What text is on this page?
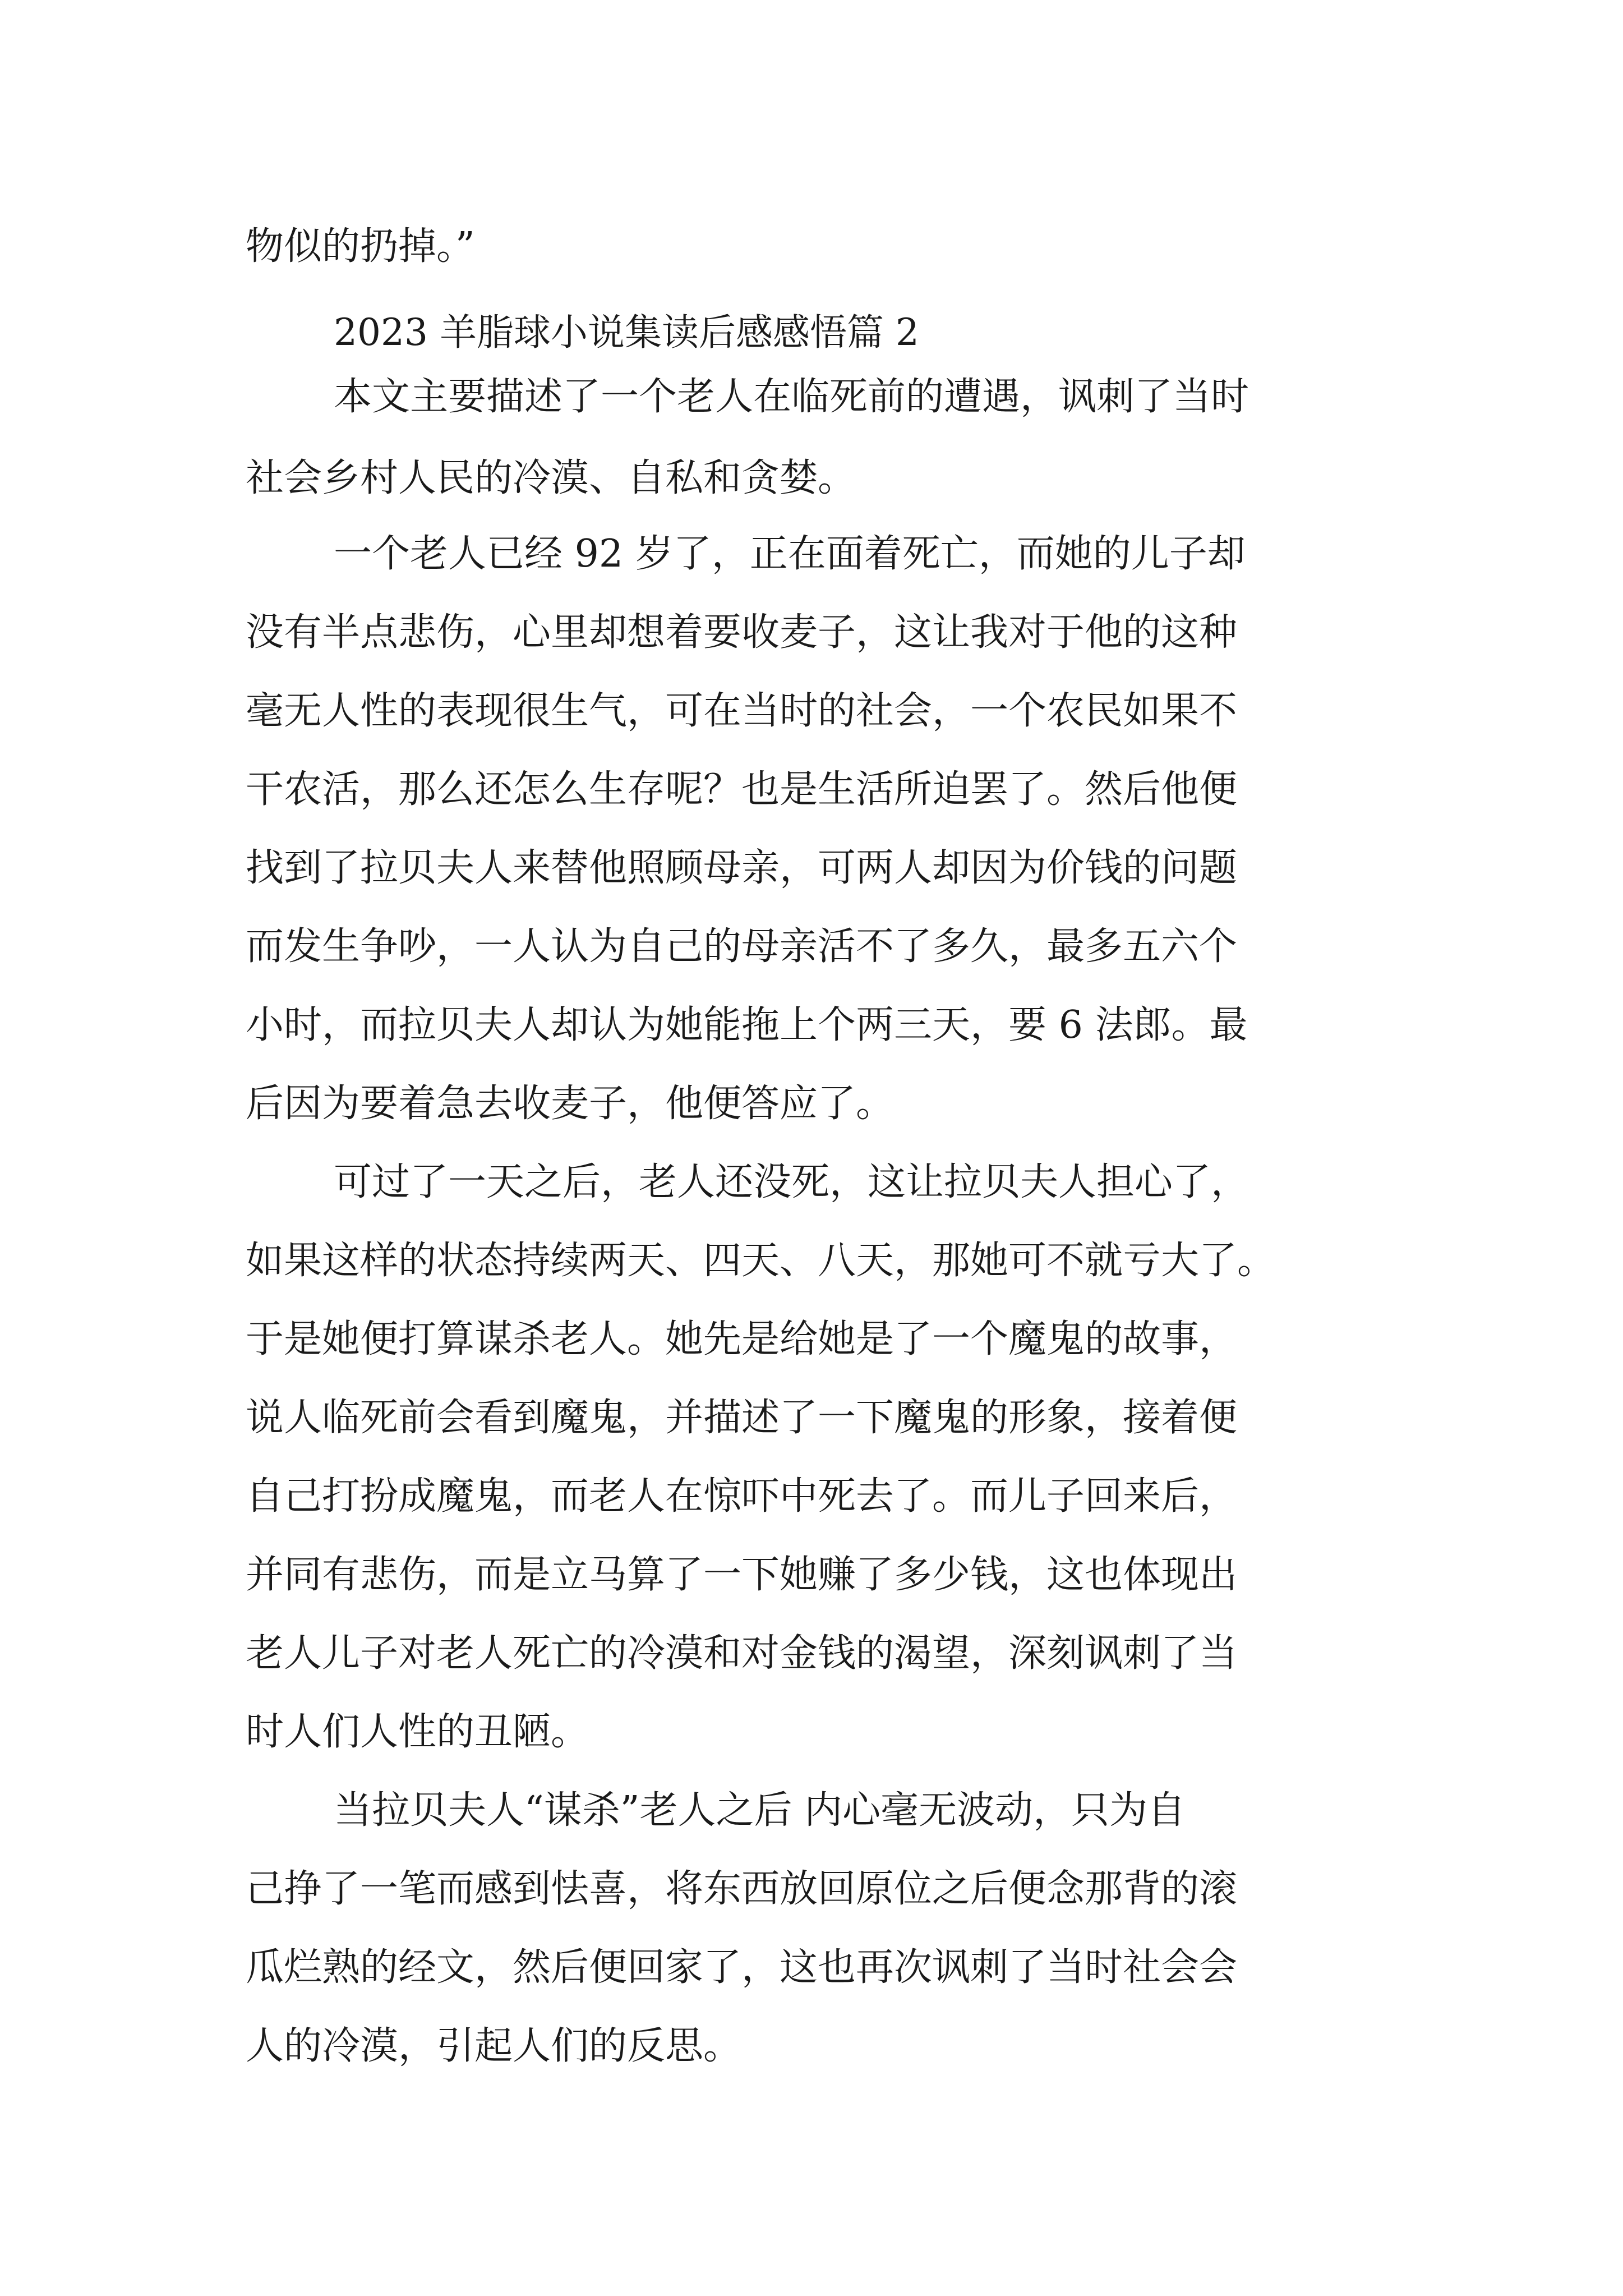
物似的扔掉。”
2023 羊脂球小说集读后感感悟篇 2
本文主要描述了一个老人在临死前的遭遇，讽刺了当时
社会乡村人民的冷漠、自私和贪婪。
一个老人已经 92 岁了，正在面着死亡，而她的儿子却
没有半点悲伤，心里却想着要收麦子，这让我对于他的这种
毫无人性的表现很生气，可在当时的社会，一个农民如果不
干农活，那么还怎么生存呢？也是生活所迫罢了。然后他便
找到了拉贝夫人来替他照顾母亲，可两人却因为价钱的问题
而发生争吵，一人认为自己的母亲活不了多久，最多五六个
小时，而拉贝夫人却认为她能拖上个两三天，要 6 法郎。最
后因为要着急去收麦子，他便答应了。
可过了一天之后，老人还没死，这让拉贝夫人担心了，
如果这样的状态持续两天、四天、八天，那她可不就亏大了。
于是她便打算谋杀老人。她先是给她是了一个魔鬼的故事，
说人临死前会看到魔鬼，并描述了一下魔鬼的形象，接着便
自己打扮成魔鬼，而老人在惊吓中死去了。而儿子回来后，
并同有悲伤，而是立马算了一下她赚了多少钱，这也体现出
老人儿子对老人死亡的冷漠和对金钱的渴望，深刻讽刺了当
时人们人性的丑陋。
当拉贝夫人“谋杀”老人之后 内心毫无波动，只为自
己挣了一笔而感到怯喜，将东西放回原位之后便念那背的滚
瓜烂熟的经文，然后便回家了，这也再次讽刺了当时社会会
人的冷漠，引起人们的反思。
